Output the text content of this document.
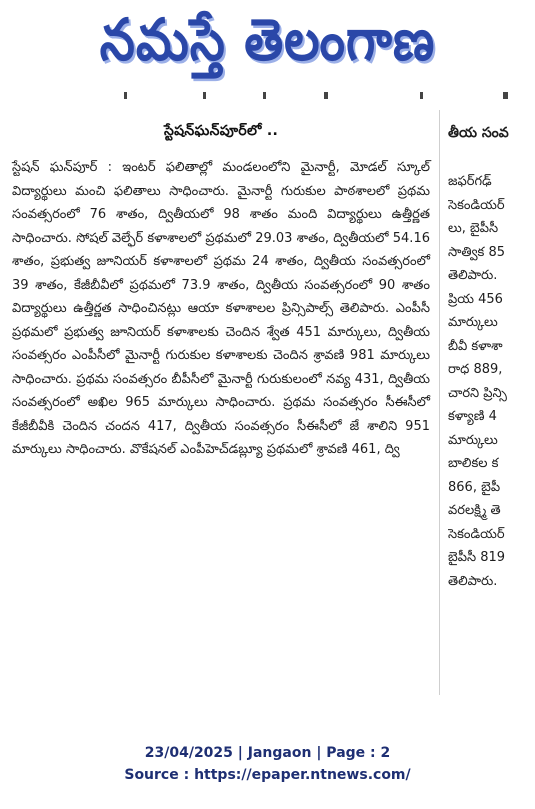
నమస్తే తెలంగాణ
స్టేషన్‌ఘన్‌పూర్‌లో ..

స్టేషన్ ఘన్‌పూర్ : ఇంటర్ ఫలితాల్లో మండలంలోని మైనార్టీ, మోడల్ స్కూల్ విద్యార్థులు మంచి ఫలితాలు సాధించారు. మైనార్టీ గురుకుల పాఠశాలలో ప్రథమ సంవత్సరంలో 76 శాతం, ద్వితీయలో 98 శాతం మంది విద్యార్థులు ఉత్తీర్ణత సాధించారు. సోషల్ వెల్ఫేర్ కళాశాలలో ప్రథమలో 29.03 శాతం, ద్వితీయలో 54.16 శాతం, ప్రభుత్వ జూనియర్ కళాశాలలో ప్రథమ 24 శాతం, ద్వితీయ సంవత్సరంలో 39 శాతం, కేజీబీవీలో ప్రథమలో 73.9 శాతం, ద్వితీయ సంవత్సరంలో 90 శాతం విద్యార్థులు ఉత్తీర్ణత సాధించినట్లు ఆయా కళాశాలల ప్రిన్సిపాల్స్ తెలిపారు. ఎంపీసీ ప్రథమలో ప్రభుత్వ జూనియర్ కళాశాలకు చెందిన శ్వేత 451 మార్కులు, ద్వితీయ సంవత్సరం ఎంపీసీలో మైనార్టీ గురుకుల కళాశాలకు చెందిన శ్రావణి 981 మార్కులు సాధించారు. ప్రథమ సంవత్సరం బీపీసీలో మైనార్టీ గురుకులంలో నవ్య 431, ద్వితీయ సంవత్సరంలో అఖిల 965 మార్కులు సాధించారు. ప్రథమ సంవత్సరం సీఈసీలో కేజీబీవీకి చెందిన చందన 417, ద్వితీయ సంవత్సరం సీఈసీలో జే శాలిని 951 మార్కులు సాధించారు. వొకేషనల్ ఎంపీహెచ్‌డబ్ల్యూ ప్రథమలో శ్రావణి 461, ద్వి

తీయ సంవ
జఫర్‌గఢ్
సెకండియర్
లు, బైపీసీ
సాత్విక 85
తెలిపారు.
ప్రియ 456
మార్కులు
బీవీ కళాశా
రాధ 889,
చారని ప్రిన్సి
కళ్యాణి 4
మార్కులు
బాలికల క
866, బైపీ
వరలక్ష్మి తె
సెకండియర్
బైపీసీ 819
తెలిపారు.
23/04/2025 | Jangaon | Page : 2
Source : https://epaper.ntnews.com/
